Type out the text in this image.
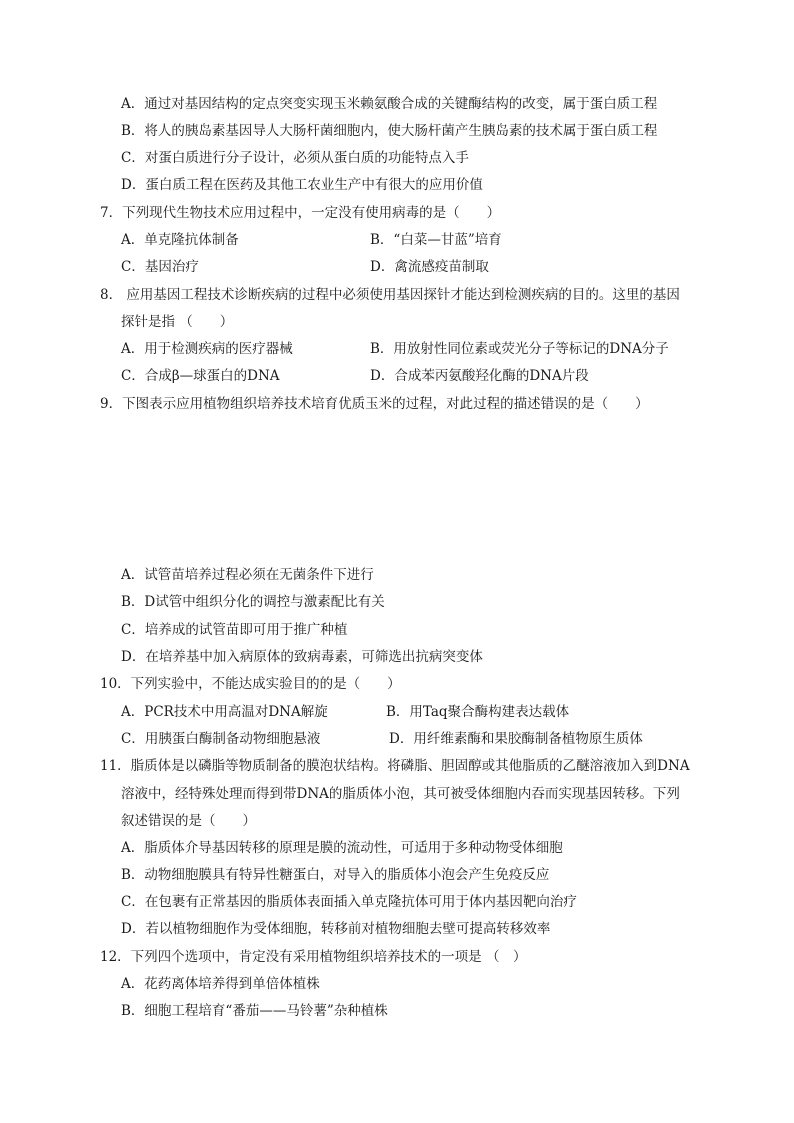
A．通过对基因结构的定点突变实现玉米赖氨酸合成的关键酶结构的改变，属于蛋白质工程
B．将人的胰岛素基因导人大肠杆菌细胞内，使大肠杆菌产生胰岛素的技术属于蛋白质工程
C．对蛋白质进行分子设计，必须从蛋白质的功能特点入手
D．蛋白质工程在医药及其他工农业生产中有很大的应用价值
7．下列现代生物技术应用过程中，一定没有使用病毒的是（　　）
A．单克隆抗体制备	B．“白菜—甘蓝”培育
C．基因治疗	D．禽流感疫苗制取
8． 应用基因工程技术诊断疾病的过程中必须使用基因探针才能达到检测疾病的目的。这里的基因
探针是指 （　　）
A．用于检测疾病的医疗器械	B．用放射性同位素或荧光分子等标记的DNA分子
C．合成β—球蛋白的DNA	D．合成苯丙氨酸羟化酶的DNA片段
9．下图表示应用植物组织培养技术培育优质玉米的过程，对此过程的描述错误的是（　　）
A．试管苗培养过程必须在无菌条件下进行
B．D试管中组织分化的调控与激素配比有关
C．培养成的试管苗即可用于推广种植
D．在培养基中加入病原体的致病毒素，可筛选出抗病突变体
10．下列实验中，不能达成实验目的的是（　　）
A．PCR技术中用高温对DNA解旋	B．用Taq聚合酶构建表达载体
C．用胰蛋白酶制备动物细胞悬液	D．用纤维素酶和果胶酶制备植物原生质体
11．脂质体是以磷脂等物质制备的膜泡状结构。将磷脂、胆固醇或其他脂质的乙醚溶液加入到DNA
溶液中，经特殊处理而得到带DNA的脂质体小泡，其可被受体细胞内吞而实现基因转移。下列
叙述错误的是（　　）
A．脂质体介导基因转移的原理是膜的流动性，可适用于多种动物受体细胞
B．动物细胞膜具有特异性糖蛋白，对导入的脂质体小泡会产生免疫反应
C．在包裹有正常基因的脂质体表面插入单克隆抗体可用于体内基因靶向治疗
D．若以植物细胞作为受体细胞，转移前对植物细胞去壁可提高转移效率
12．下列四个选项中，肯定没有采用植物组织培养技术的一项是 （　）
A．花药离体培养得到单倍体植株
B．细胞工程培育“番茄——马铃薯”杂种植株
